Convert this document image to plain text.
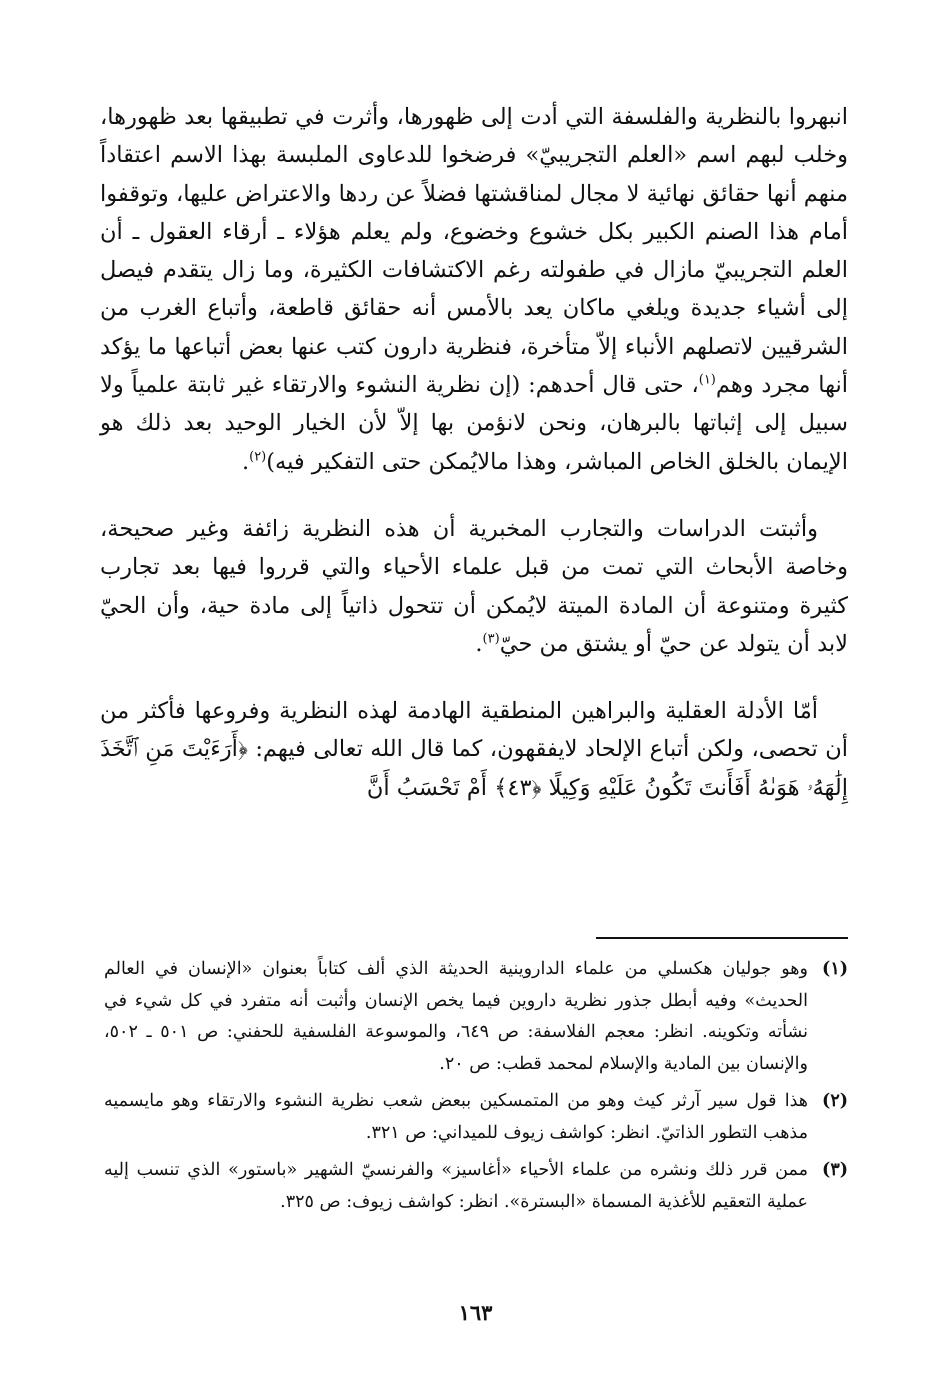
انبهروا بالنظرية والفلسفة التي أدت إلى ظهورها، وأثرت في تطبيقها بعد ظهورها، وخلب لبهم اسم «العلم التجريبيّ» فرضخوا للدعاوى الملبسة بهذا الاسم اعتقاداً منهم أنها حقائق نهائية لا مجال لمناقشتها فضلاً عن ردها والاعتراض عليها، وتوقفوا أمام هذا الصنم الكبير بكل خشوع وخضوع، ولم يعلم هؤلاء ـ أرقاء العقول ـ أن العلم التجريبيّ مازال في طفولته رغم الاكتشافات الكثيرة، وما زال يتقدم فيصل إلى أشياء جديدة ويلغي ماكان يعد بالأمس أنه حقائق قاطعة، وأتباع الغرب من الشرقيين لاتصلهم الأنباء إلاّ متأخرة، فنظرية دارون كتب عنها بعض أتباعها ما يؤكد أنها مجرد وهم$^{(١)}$، حتى قال أحدهم: (إن نظرية النشوء والارتقاء غير ثابتة علمياً ولا سبيل إلى إثباتها بالبرهان، ونحن لانؤمن بها إلاّ لأن الخيار الوحيد بعد ذلك هو الإيمان بالخلق الخاص المباشر، وهذا مالايُمكن حتى التفكير فيه)$^{(٢)}$.

وأثبتت الدراسات والتجارب المخبرية أن هذه النظرية زائفة وغير صحيحة، وخاصة الأبحاث التي تمت من قبل علماء الأحياء والتي قرروا فيها بعد تجارب كثيرة ومتنوعة أن المادة الميتة لايُمكن أن تتحول ذاتياً إلى مادة حية، وأن الحيّ لابد أن يتولد عن حيّ أو يشتق من حيّ$^{(٣)}$.

أمّا الأدلة العقلية والبراهين المنطقية الهادمة لهذه النظرية وفروعها فأكثر من أن تحصى، ولكن أتباع الإلحاد لايفقهون، كما قال الله تعالى فيهم: ﴿أَرَءَيْتَ مَنِ ٱتَّخَذَ إِلَٰهَهُۥ هَوَىٰهُ أَفَأَنتَ تَكُونُ عَلَيْهِ وَكِيلًا ﴿٤٣﴾ أَمْ تَحْسَبُ أَنَّ

(١)
وهو جوليان هكسلي من علماء الداروينية الحديثة الذي ألف كتاباً بعنوان «الإنسان في العالم الحديث» وفيه أبطل جذور نظرية داروين فيما يخص الإنسان وأثبت أنه متفرد في كل شيء في نشأته وتكوينه. انظر: معجم الفلاسفة: ص ٦٤٩، والموسوعة الفلسفية للحفني: ص ٥٠١ ـ ٥٠٢، والإنسان بين المادية والإسلام لمحمد قطب: ص ٢٠.
(٢)
هذا قول سير آرثر كيث وهو من المتمسكين ببعض شعب نظرية النشوء والارتقاء وهو مايسميه مذهب التطور الذاتيّ. انظر: كواشف زيوف للميداني: ص ٣٢١.
(٣)
ممن قرر ذلك ونشره من علماء الأحياء «أغاسيز» والفرنسيّ الشهير «باستور» الذي تنسب إليه عملية التعقيم للأغذية المسماة «البسترة». انظر: كواشف زيوف: ص ٣٢٥.
١٦٣
